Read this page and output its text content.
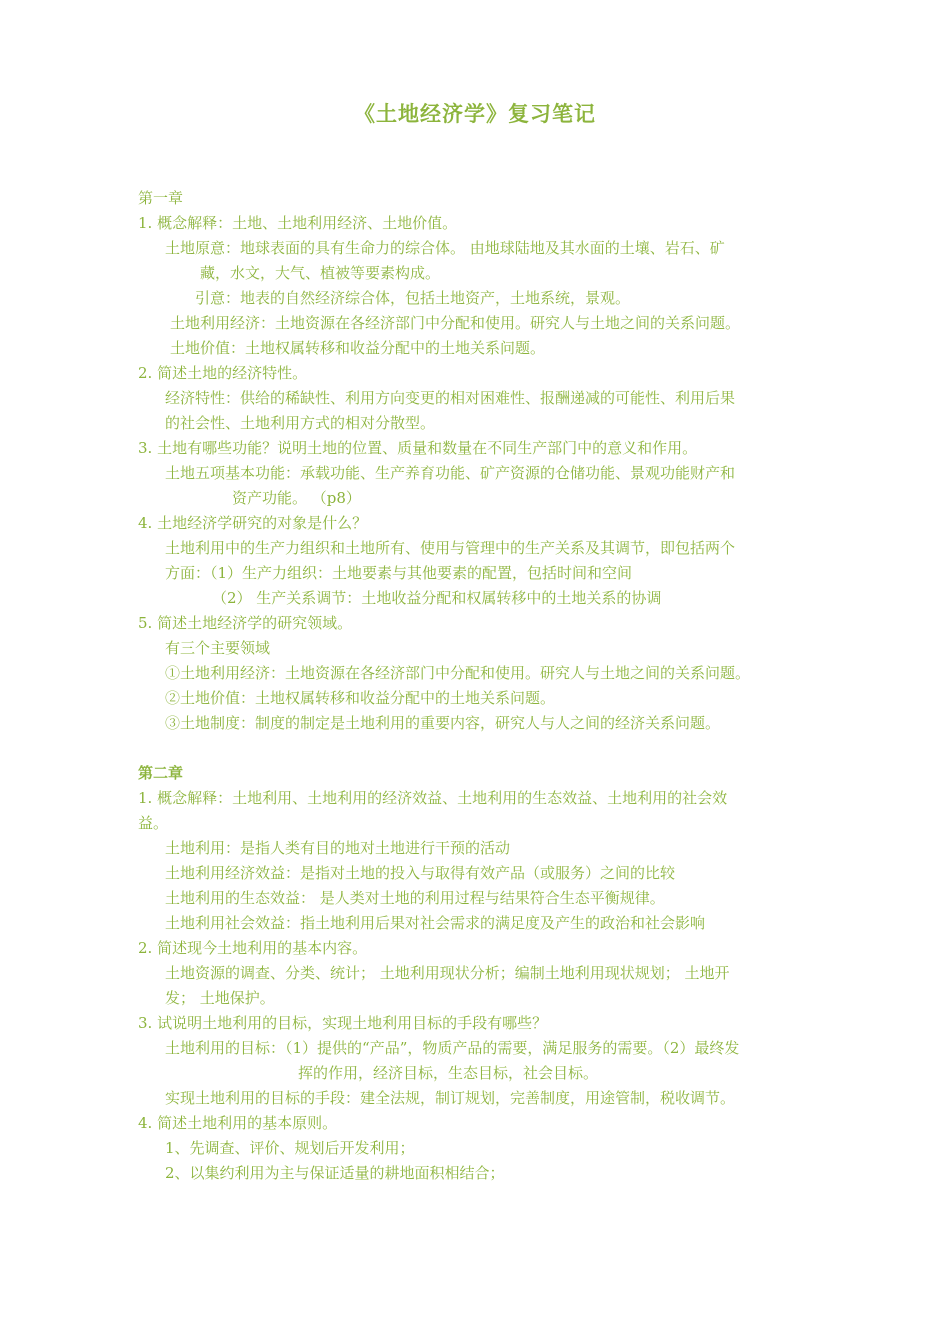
《土地经济学》复习笔记
第一章
1. 概念解释：土地、土地利用经济、土地价值。
土地原意：地球表面的具有生命力的综合体。 由地球陆地及其水面的土壤、岩石、矿
藏，水文，大气、植被等要素构成。
引意：地表的自然经济综合体，包括土地资产，土地系统，景观。
土地利用经济：土地资源在各经济部门中分配和使用。研究人与土地之间的关系问题。
土地价值：土地权属转移和收益分配中的土地关系问题。
2. 简述土地的经济特性。
经济特性：供给的稀缺性、利用方向变更的相对困难性、报酬递减的可能性、利用后果
的社会性、土地利用方式的相对分散型。
3. 土地有哪些功能？说明土地的位置、质量和数量在不同生产部门中的意义和作用。
土地五项基本功能：承载功能、生产养育功能、矿产资源的仓储功能、景观功能财产和
资产功能。 （p8）
4. 土地经济学研究的对象是什么？
土地利用中的生产力组织和土地所有、使用与管理中的生产关系及其调节，即包括两个
方面：（1）生产力组织：土地要素与其他要素的配置，包括时间和空间
（2） 生产关系调节：土地收益分配和权属转移中的土地关系的协调
5. 简述土地经济学的研究领域。
有三个主要领域
①土地利用经济：土地资源在各经济部门中分配和使用。研究人与土地之间的关系问题。
②土地价值：土地权属转移和收益分配中的土地关系问题。
③土地制度：制度的制定是土地利用的重要内容，研究人与人之间的经济关系问题。
第二章
1. 概念解释：土地利用、土地利用的经济效益、土地利用的生态效益、土地利用的社会效
益。
土地利用：是指人类有目的地对土地进行干预的活动
土地利用经济效益：是指对土地的投入与取得有效产品（或服务）之间的比较
土地利用的生态效益： 是人类对土地的利用过程与结果符合生态平衡规律。
土地利用社会效益：指土地利用后果对社会需求的满足度及产生的政治和社会影响
2. 简述现今土地利用的基本内容。
土地资源的调查、分类、统计； 土地利用现状分析；编制土地利用现状规划； 土地开
发； 土地保护。
3. 试说明土地利用的目标，实现土地利用目标的手段有哪些？
土地利用的目标：（1）提供的“产品”，物质产品的需要，满足服务的需要。（2）最终发
挥的作用，经济目标，生态目标，社会目标。
实现土地利用的目标的手段：建全法规，制订规划，完善制度，用途管制，税收调节。
4. 简述土地利用的基本原则。
1、先调查、评价、规划后开发利用；
2、以集约利用为主与保证适量的耕地面积相结合；
